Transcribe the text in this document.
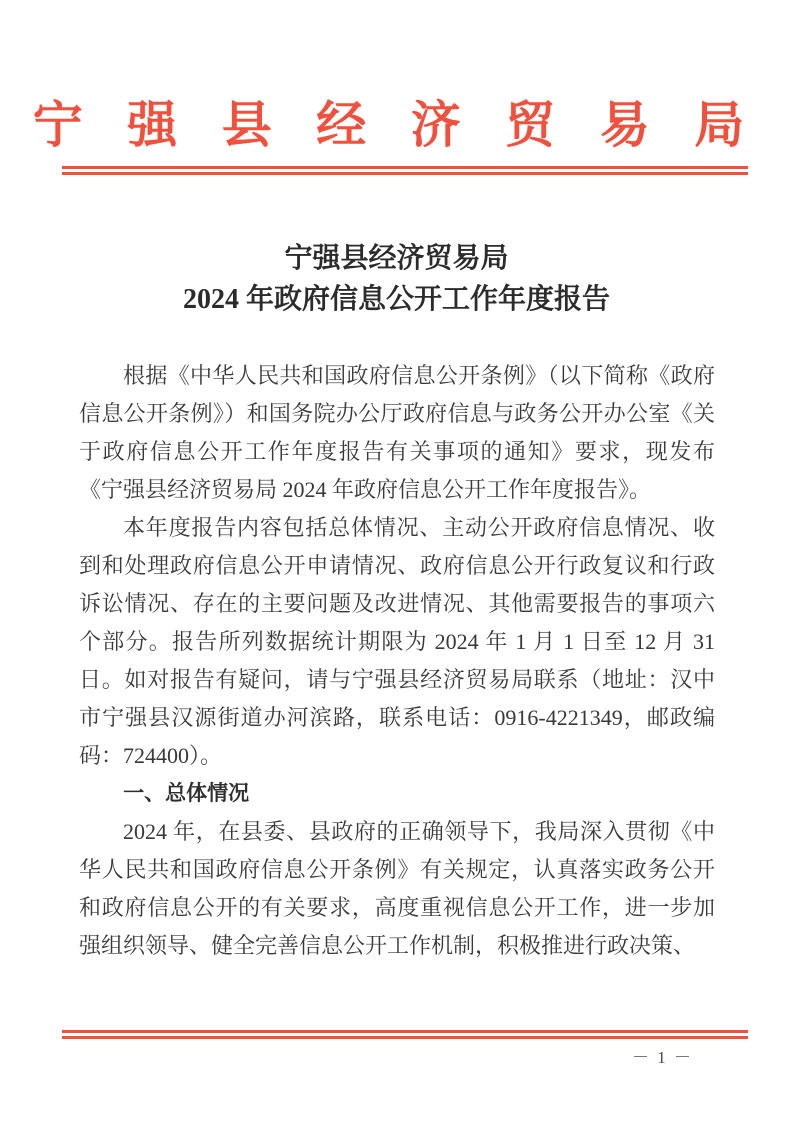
宁 强 县 经 济 贸 易 局
宁强县经济贸易局
2024 年政府信息公开工作年度报告

根据《中华人民共和国政府信息公开条例》（以下简称《政府信息公开条例》）和国务院办公厅政府信息与政务公开办公室《关于政府信息公开工作年度报告有关事项的通知》要求，现发布《宁强县经济贸易局 2024 年政府信息公开工作年度报告》。

本年度报告内容包括总体情况、主动公开政府信息情况、收到和处理政府信息公开申请情况、政府信息公开行政复议和行政诉讼情况、存在的主要问题及改进情况、其他需要报告的事项六个部分。报告所列数据统计期限为 2024 年 1 月 1 日至 12 月 31 日。如对报告有疑问，请与宁强县经济贸易局联系（地址：汉中市宁强县汉源街道办河滨路，联系电话：0916-4221349，邮政编码：724400）。

一、总体情况

2024 年，在县委、县政府的正确领导下，我局深入贯彻《中华人民共和国政府信息公开条例》有关规定，认真落实政务公开和政府信息公开的有关要求，高度重视信息公开工作，进一步加强组织领导、健全完善信息公开工作机制，积极推进行政决策、

－ 1 －
